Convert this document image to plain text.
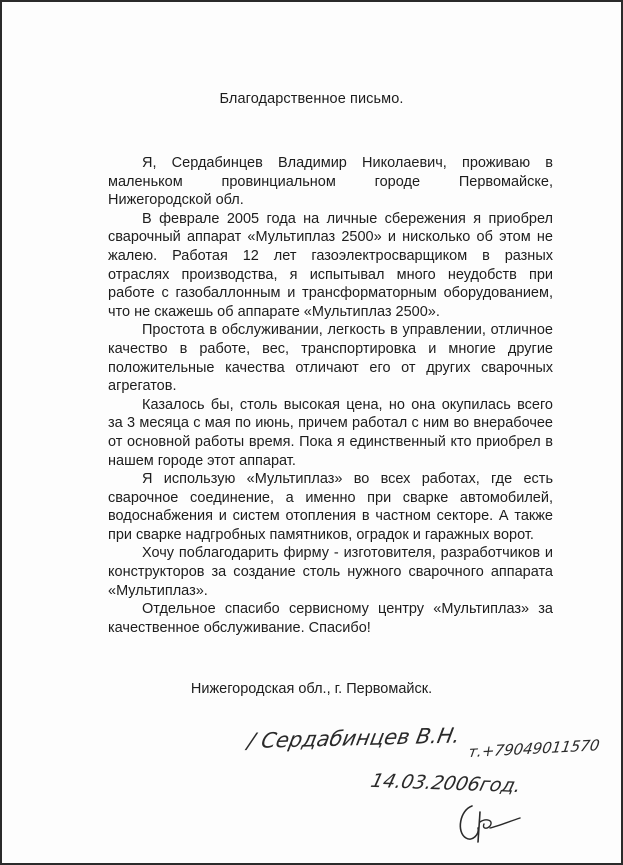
Благодарственное письмо.

Я, Сердабинцев Владимир Николаевич, проживаю в маленьком провинциальном городе Первомайске, Нижегородской обл.

В феврале 2005 года на личные сбережения я приобрел сварочный аппарат «Мультиплаз 2500» и нисколько об этом не жалею. Работая 12 лет газоэлектросварщиком в разных отраслях производства, я испытывал много неудобств при работе с газобаллонным и трансформаторным оборудованием, что не скажешь об аппарате «Мультиплаз 2500».

Простота в обслуживании, легкость в управлении, отличное качество в работе, вес, транспортировка и многие другие положительные качества отличают его от других сварочных агрегатов.

Казалось бы, столь высокая цена, но она окупилась всего за 3 месяца с мая по июнь, причем работал с ним во внерабочее от основной работы время. Пока я единственный кто приобрел в нашем городе этот аппарат.

Я использую «Мультиплаз» во всех работах, где есть сварочное соединение, а именно при сварке автомобилей, водоснабжения и систем отопления в частном секторе. А также при сварке надгробных памятников, оградок и гаражных ворот.

Хочу поблагодарить фирму - изготовителя, разработчиков и конструкторов за создание столь нужного сварочного аппарата «Мультиплаз».

Отдельное спасибо сервисному центру «Мультиплаз» за качественное обслуживание. Спасибо!

Нижегородская обл., г. Первомайск.
/ Сердабинцев В.Н. т.+79049011570
14.03.2006год.
